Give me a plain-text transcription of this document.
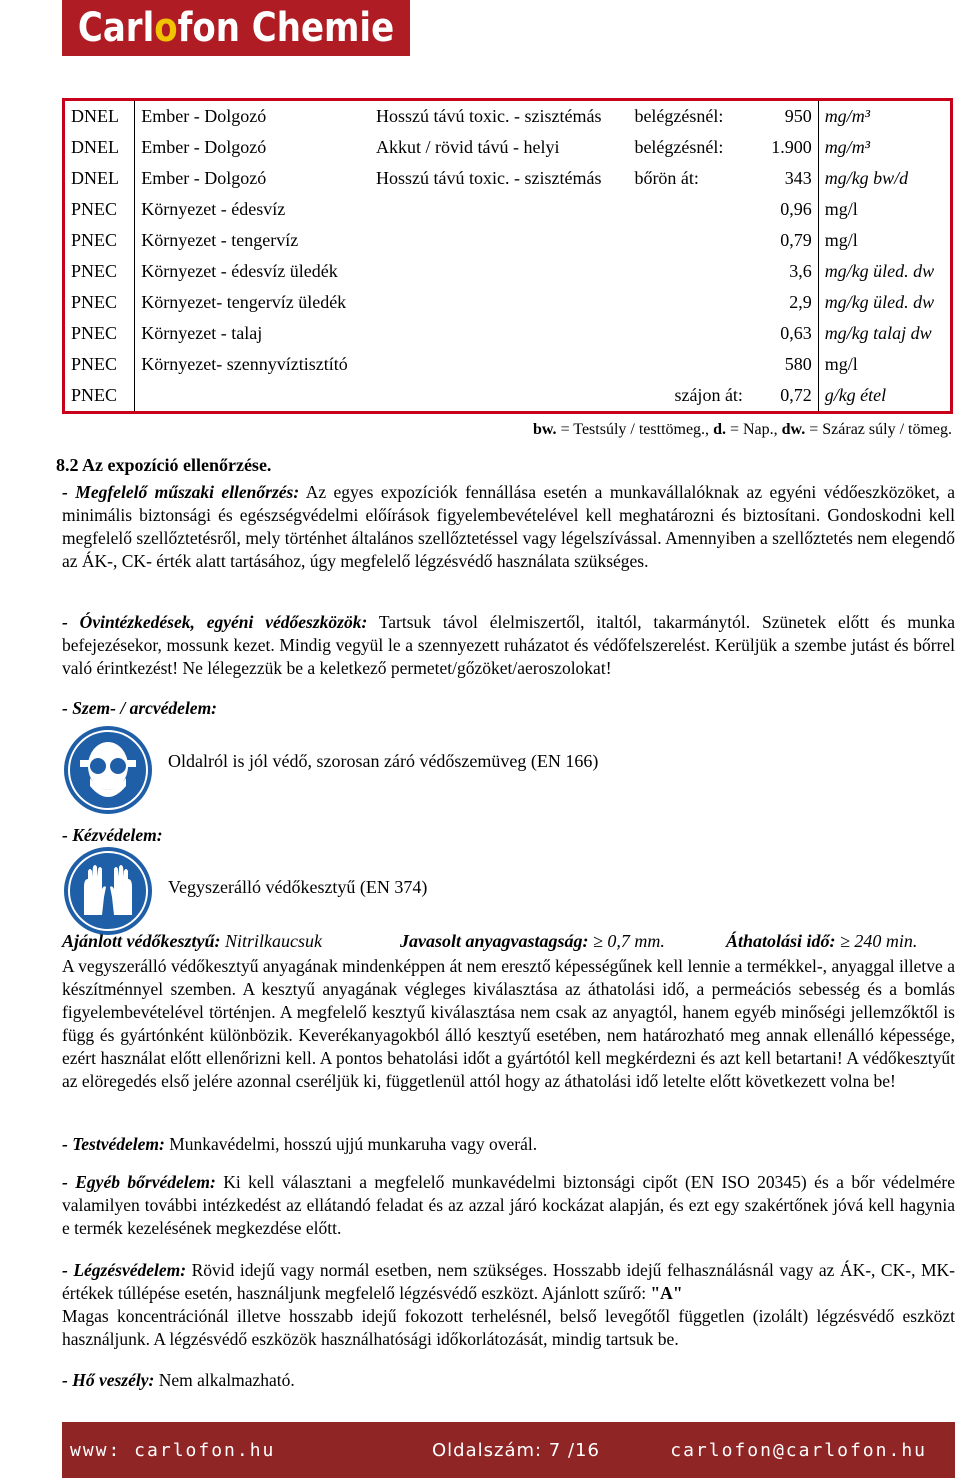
Carlofon Chemie
DNEL	Ember - Dolgozó	Hosszú távú toxic. - szisztémás	belégzésnél:	950	mg/m³
DNEL	Ember - Dolgozó	Akkut / rövid távú - helyi	belégzésnél:	1.900	mg/m³
DNEL	Ember - Dolgozó	Hosszú távú toxic. - szisztémás	bőrön át:	343	mg/kg bw/d
PNEC	Környezet - édesvíz			0,96	mg/l
PNEC	Környezet - tengervíz			0,79	mg/l
PNEC	Környezet - édesvíz üledék			3,6	mg/kg üled. dw
PNEC	Környezet- tengervíz üledék			2,9	mg/kg üled. dw
PNEC	Környezet - talaj			0,63	mg/kg talaj dw
PNEC	Környezet- szennyvíztisztító			580	mg/l
PNEC			szájon át:	0,72	g/kg étel
bw. = Testsúly / testtömeg., d. = Nap., dw. = Száraz súly / tömeg.
8.2 Az expozíció ellenőrzése.
- Megfelelő műszaki ellenőrzés: Az egyes expozíciók fennállása esetén a munkavállalóknak az egyéni védőeszközöket, a minimális biztonsági és egészségvédelmi előírások figyelembevételével kell meghatározni és biztosítani. Gondoskodni kell megfelelő szellőztetésről, mely történhet általános szellőztetéssel vagy légelszívással. Amennyiben a szellőztetés nem elegendő az ÁK-, CK- érték alatt tartásához, úgy megfelelő légzésvédő használata szükséges.
- Óvintézkedések, egyéni védőeszközök: Tartsuk távol élelmiszertől, italtól, takarmánytól. Szünetek előtt és munka befejezésekor, mossunk kezet. Mindig vegyül le a szennyezett ruházatot és védőfelszerelést. Kerüljük a szembe jutást és bőrrel való érintkezést! Ne lélegezzük be a keletkező permetet/gőzöket/aeroszolokat!
- Szem- / arcvédelem:
Oldalról is jól védő, szorosan záró védőszemüveg (EN 166)
- Kézvédelem:
Vegyszerálló védőkesztyű (EN 374)
Ajánlott védőkesztyű: Nitrilkaucsuk	Javasolt anyagvastagság: ≥ 0,7 mm.	Áthatolási idő: ≥ 240 min.
A vegyszerálló védőkesztyű anyagának mindenképpen át nem eresztő képességűnek kell lennie a termékkel-, anyaggal illetve a készítménnyel szemben. A kesztyű anyagának végleges kiválasztása az áthatolási idő, a permeációs sebesség és a bomlás figyelembevételével történjen. A megfelelő kesztyű kiválasztása nem csak az anyagtól, hanem egyéb minőségi jellemzőktől is függ és gyártónként különbözik. Keverékanyagokból álló kesztyű esetében, nem határozható meg annak ellenálló képessége, ezért használat előtt ellenőrizni kell. A pontos behatolási időt a gyártótól kell megkérdezni és azt kell betartani! A védőkesztyűt az elöregedés első jelére azonnal cseréljük ki, függetlenül attól hogy az áthatolási idő letelte előtt következett volna be!
- Testvédelem: Munkavédelmi, hosszú ujjú munkaruha vagy overál.
- Egyéb bőrvédelem: Ki kell választani a megfelelő munkavédelmi biztonsági cipőt (EN ISO 20345) és a bőr védelmére valamilyen további intézkedést az ellátandó feladat és az azzal járó kockázat alapján, és ezt egy szakértőnek jóvá kell hagynia e termék kezelésének megkezdése előtt.
- Légzésvédelem: Rövid idejű vagy normál esetben, nem szükséges. Hosszabb idejű felhasználásnál vagy az ÁK-, CK-, MK- értékek túllépése esetén, használjunk megfelelő légzésvédő eszközt. Ajánlott szűrő: "A"
Magas koncentrációnál illetve hosszabb idejű fokozott terhelésnél, belső levegőtől független (izolált) légzésvédő eszközt használjunk. A légzésvédő eszközök használhatósági időkorlátozását, mindig tartsuk be.
- Hő veszély: Nem alkalmazható.
www: carlofon.hu	Oldalszám: 7 /16	carlofon@carlofon.hu
